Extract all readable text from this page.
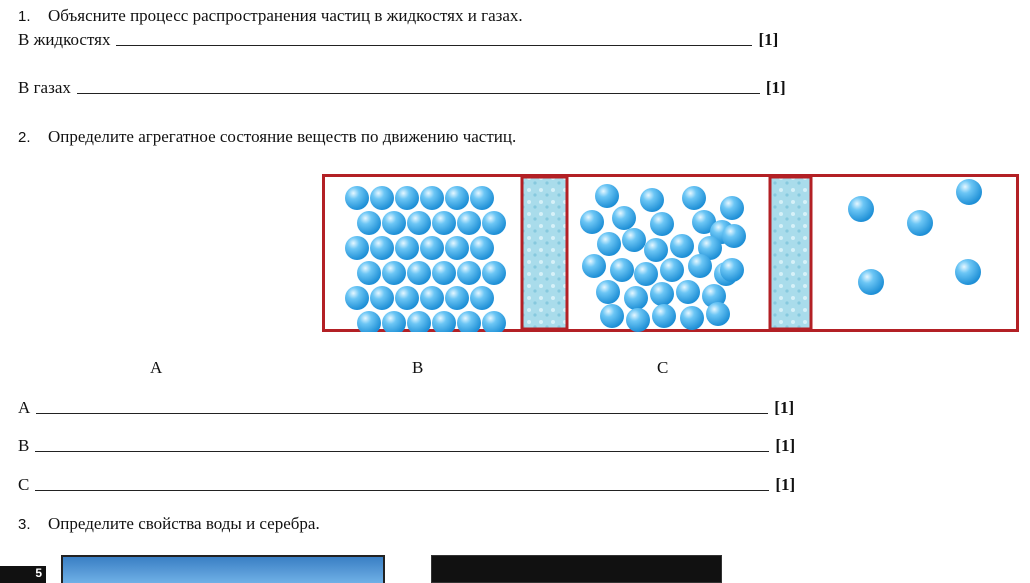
1. Объясните процесс распространения частиц в жидкостях и газах.
В жидкостях	[1]
В газах	[1]
2. Определите агрегатное состояние веществ по движению частиц.
А	В	С
А	[1]
В	[1]
С	[1]
3. Определите свойства воды и серебра.
5
